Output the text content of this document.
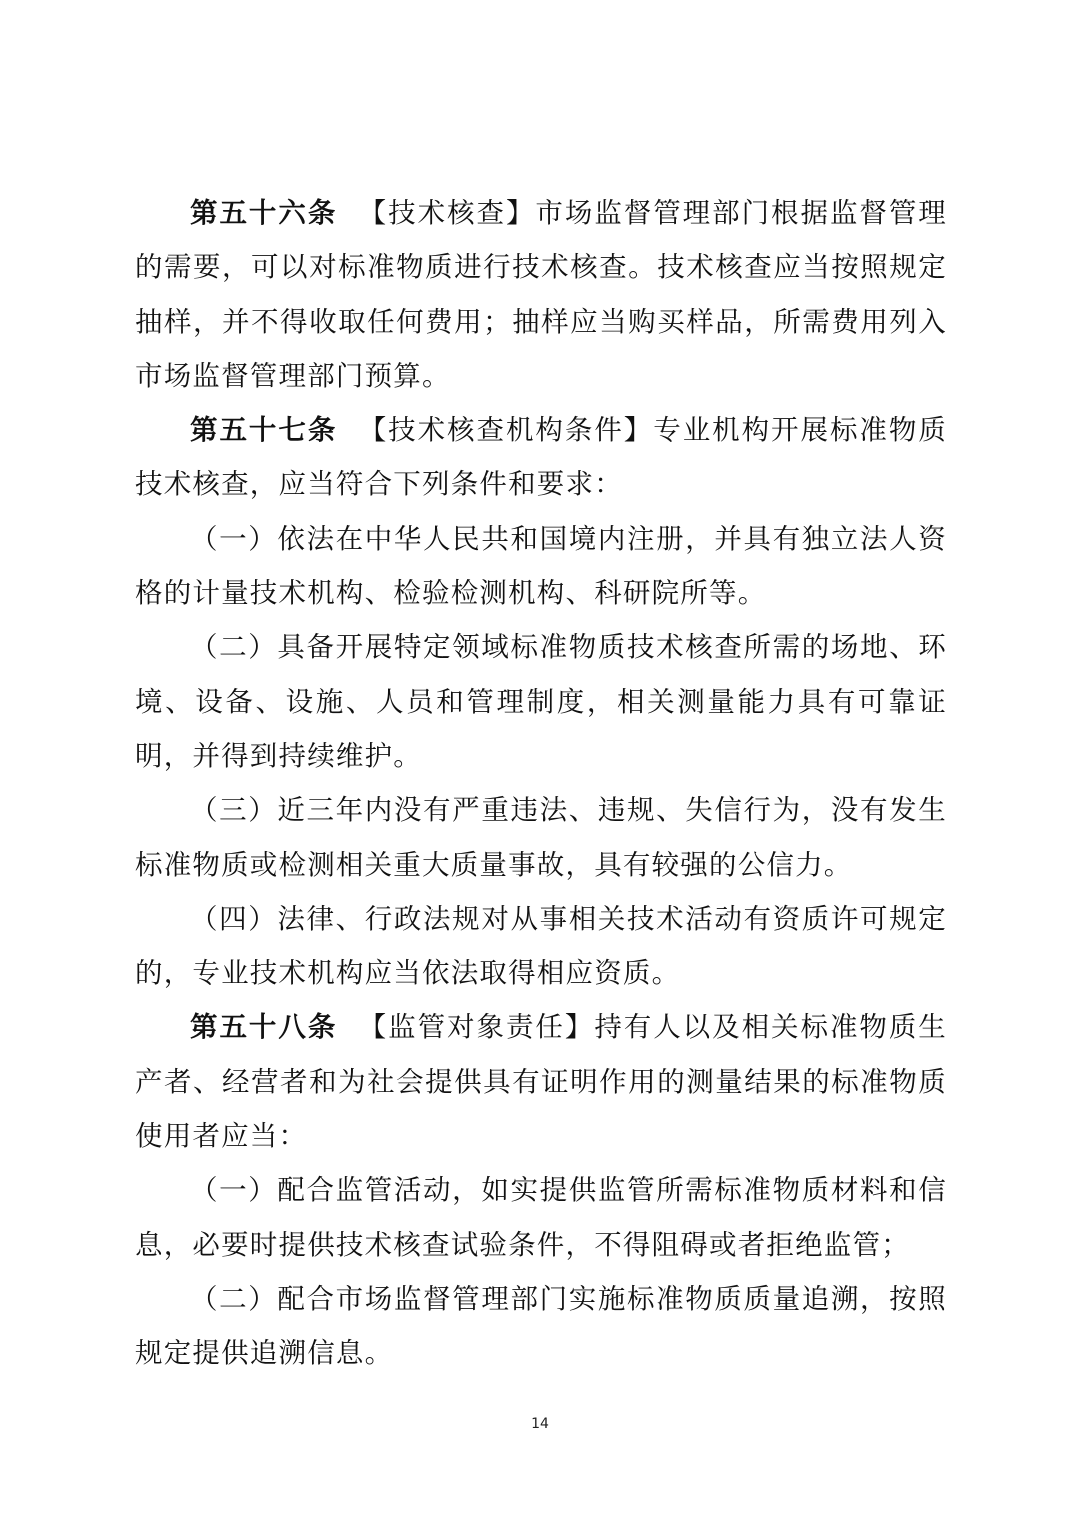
第五十六条 【技术核查】市场监督管理部门根据监督管理的需要，可以对标准物质进行技术核查。技术核查应当按照规定抽样，并不得收取任何费用；抽样应当购买样品，所需费用列入市场监督管理部门预算。

第五十七条 【技术核查机构条件】专业机构开展标准物质技术核查，应当符合下列条件和要求：

（一）依法在中华人民共和国境内注册，并具有独立法人资格的计量技术机构、检验检测机构、科研院所等。

（二）具备开展特定领域标准物质技术核查所需的场地、环境、设备、设施、人员和管理制度，相关测量能力具有可靠证明，并得到持续维护。

（三）近三年内没有严重违法、违规、失信行为，没有发生标准物质或检测相关重大质量事故，具有较强的公信力。

（四）法律、行政法规对从事相关技术活动有资质许可规定的，专业技术机构应当依法取得相应资质。

第五十八条 【监管对象责任】持有人以及相关标准物质生产者、经营者和为社会提供具有证明作用的测量结果的标准物质使用者应当：

（一）配合监管活动，如实提供监管所需标准物质材料和信息，必要时提供技术核查试验条件，不得阻碍或者拒绝监管；

（二）配合市场监督管理部门实施标准物质质量追溯，按照规定提供追溯信息。

14
